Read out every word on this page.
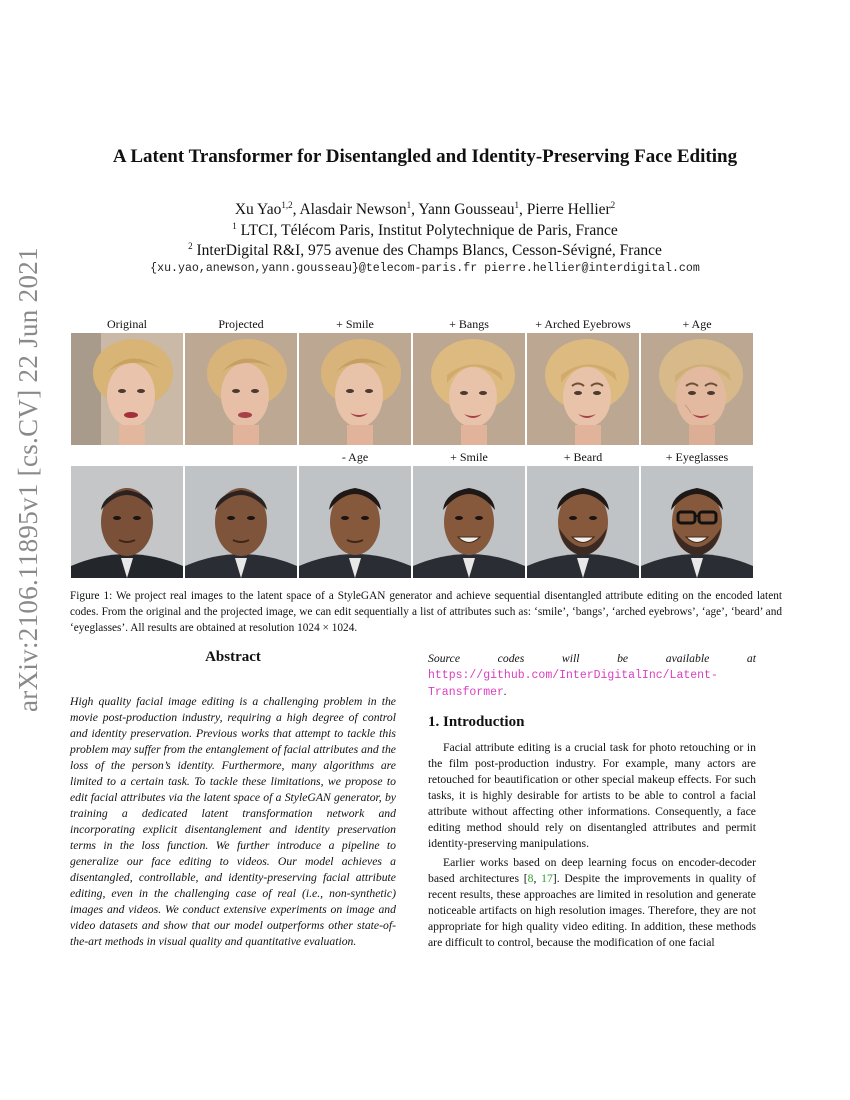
arXiv:2106.11895v1 [cs.CV] 22 Jun 2021
A Latent Transformer for Disentangled and Identity-Preserving Face Editing
Xu Yao$^{1,2}$, Alasdair Newson$^1$, Yann Gousseau$^1$, Pierre Hellier$^2$
$^1$ LTCI, Télécom Paris, Institut Polytechnique de Paris, France
$^2$ InterDigital R&I, 975 avenue des Champs Blancs, Cesson-Sévigné, France
{xu.yao,anewson,yann.gousseau}@telecom-paris.fr pierre.hellier@interdigital.com
Original	Projected	+ Smile	+ Bangs	+ Arched Eyebrows	+ Age
- Age	+ Smile	+ Beard	+ Eyeglasses
Figure 1: We project real images to the latent space of a StyleGAN generator and achieve sequential disentangled attribute editing on the encoded latent codes. From the original and the projected image, we can edit sequentially a list of attributes such as: ‘smile’, ‘bangs’, ‘arched eyebrows’, ‘age’, ‘beard’ and ‘eyeglasses’. All results are obtained at resolution 1024 × 1024.
Abstract
High quality facial image editing is a challenging problem in the movie post-production industry, requiring a high degree of control and identity preservation. Previous works that attempt to tackle this problem may suffer from the entanglement of facial attributes and the loss of the person’s identity. Furthermore, many algorithms are limited to a certain task. To tackle these limitations, we propose to edit facial attributes via the latent space of a StyleGAN generator, by training a dedicated latent transformation network and incorporating explicit disentanglement and identity preservation terms in the loss function. We further introduce a pipeline to generalize our face editing to videos. Our model achieves a disentangled, controllable, and identity-preserving facial attribute editing, even in the challenging case of real (i.e., non-synthetic) images and videos. We conduct extensive experiments on image and video datasets and show that our model outperforms other state-of-the-art methods in visual quality and quantitative evaluation.

Source codes will be available at https://github.com/InterDigitalInc/Latent-Transformer.

1. Introduction

Facial attribute editing is a crucial task for photo retouching or in the film post-production industry. For example, many actors are retouched for beautification or other special makeup effects. For such tasks, it is highly desirable for artists to be able to control a facial attribute without affecting other informations. Consequently, a face editing method should rely on disentangled attributes and permit identity-preserving manipulations.

Earlier works based on deep learning focus on encoder-decoder based architectures [8, 17]. Despite the improvements in quality of recent results, these approaches are limited in resolution and generate noticeable artifacts on high resolution images. Therefore, they are not appropriate for high quality video editing. In addition, these methods are difficult to control, because the modification of one facial
